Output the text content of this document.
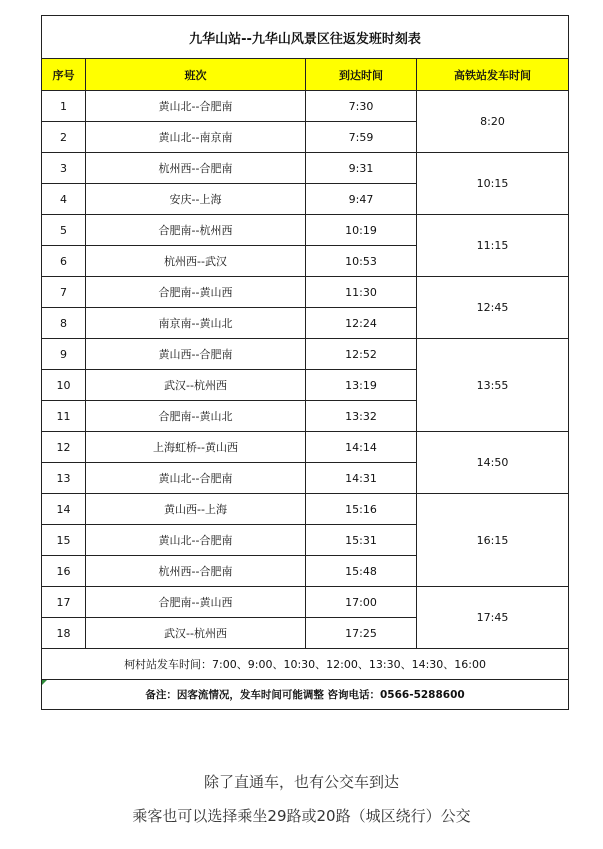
九华山站--九华山风景区往返发班时刻表			
序号	班次	到达时间	高铁站发车时间
1	黄山北--合肥南	7:30	8:20
2	黄山北--南京南	7:59	
3	杭州西--合肥南	9:31	10:15
4	安庆--上海	9:47	
5	合肥南--杭州西	10:19	11:15
6	杭州西--武汉	10:53	
7	合肥南--黄山西	11:30	12:45
8	南京南--黄山北	12:24	
9	黄山西--合肥南	12:52	13:55
10	武汉--杭州西	13:19	
11	合肥南--黄山北	13:32	
12	上海虹桥--黄山西	14:14	14:50
13	黄山北--合肥南	14:31	
14	黄山西--上海	15:16	16:15
15	黄山北--合肥南	15:31	
16	杭州西--合肥南	15:48	
17	合肥南--黄山西	17:00	17:45
18	武汉--杭州西	17:25	
柯村站发车时间：7:00、9:00、10:30、12:00、13:30、14:30、16:00			

备注：因客流情况，发车时间可能调整 咨询电话：0566-5288600			
除了直通车，也有公交车到达
乘客也可以选择乘坐29路或20路（城区绕行）公交
